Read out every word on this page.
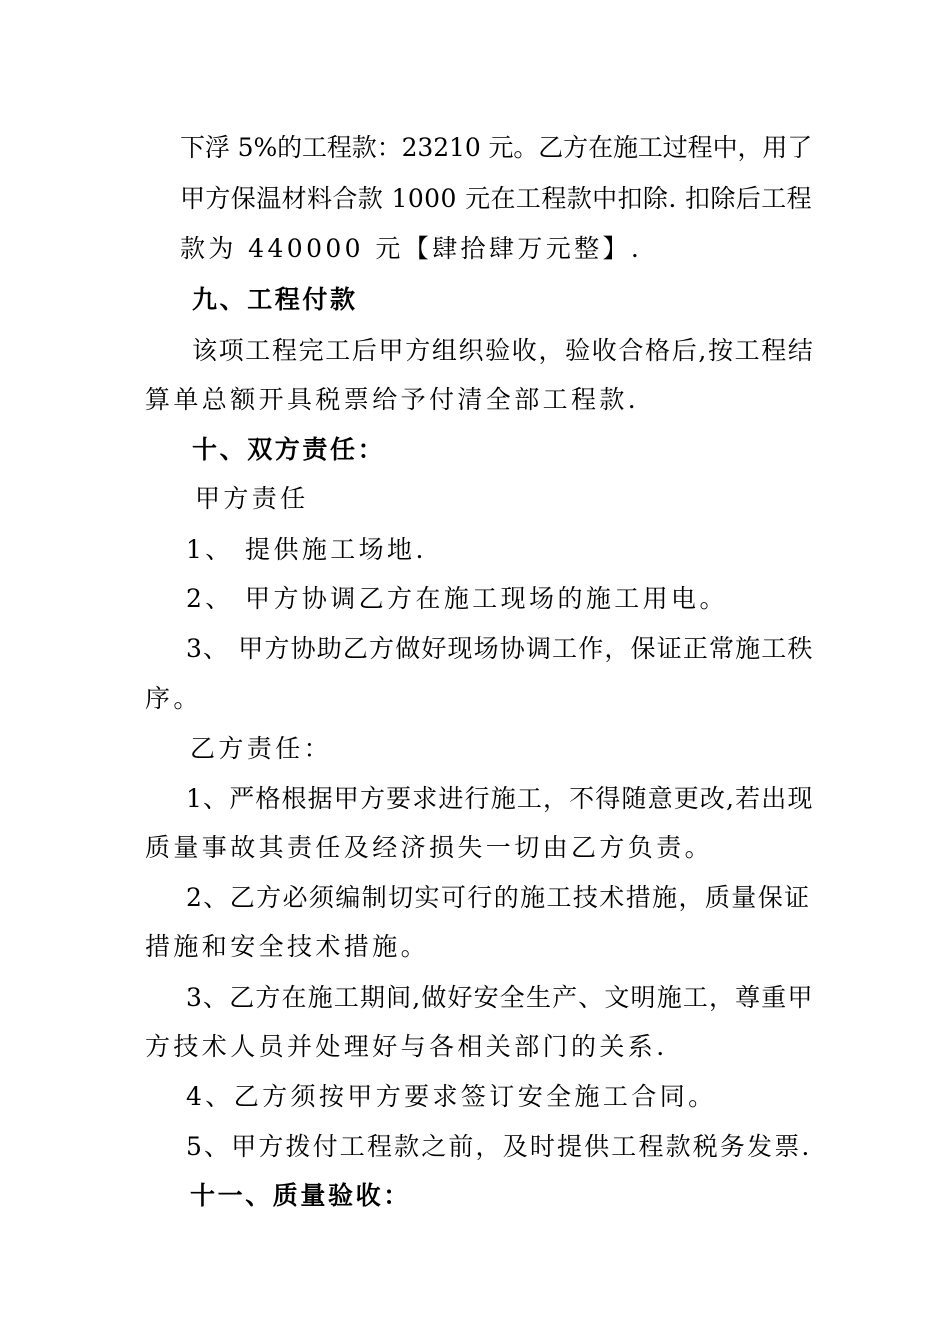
下浮 5%的工程款：23210 元。乙方在施工过程中，用了
甲方保温材料合款 1000 元在工程款中扣除. 扣除后工程
款为 440000 元【肆拾肆万元整】.
九、工程付款
该项工程完工后甲方组织验收，验收合格后,按工程结
算单总额开具税票给予付清全部工程款.
十、双方责任：
甲方责任
1、 提供施工场地.
2、 甲方协调乙方在施工现场的施工用电。
3、 甲方协助乙方做好现场协调工作，保证正常施工秩
序。
乙方责任：
1、严格根据甲方要求进行施工，不得随意更改,若出现
质量事故其责任及经济损失一切由乙方负责。
2、乙方必须编制切实可行的施工技术措施，质量保证
措施和安全技术措施。
3、乙方在施工期间,做好安全生产、文明施工，尊重甲
方技术人员并处理好与各相关部门的关系.
4、乙方须按甲方要求签订安全施工合同。
5、甲方拨付工程款之前，及时提供工程款税务发票.
十一、质量验收：
